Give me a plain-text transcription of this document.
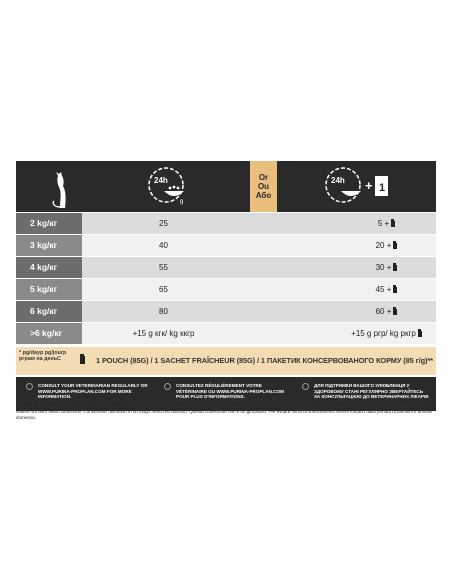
24h
g
Or
Ou
Або
24h + 1
2 kg/кг	25	5 +
3 kg/кг	40	20 +
4 kg/кг	55	30 +
5 kg/кг	65	45 +
6 kg/кг	80	60 +
>6 kg/кг	+15 g кгк/ kg ккгр	+15 g pгр/ kg pкгр
* pg/dayp pg/jourp pграм на деньС	1 POUCH (85G) / 1 SACHET FRAÎCHEUR (85G) / 1 ПАКЕТИК КОНСЕРВОВАНОГО КОРМУ (85 г/g)**
CONSULT YOUR VETERINARIAN REGULARLY OR WWW.PURINA-PROPLAN.COM FOR MORE INFORMATION.
CONSULTEZ RÉGULIÈREMENT VOTRE VÉTÉRINAIRE OU WWW.PURINA-PROPLAN.COM POUR PLUS D'INFORMATIONS.
ДЛЯ ПІДТРИМКИ ВАШОГО УЛЮБЛЕНЦЯ У ЗДОРОВОМУ СТАНІ РЕГУЛЯРНО ЗВЕРТАЙТЕСЬ ЗА КОНСУЛЬТАЦІЄЮ ДО ВЕТЕРИНАРНИХ ЛІКАРІВ
Modalità d'uso: le quantità di cibo, volte a mantenere un'ideale condizione corporea, variano in base all'età del gatto, al livello di attività e all'ambiente. Controlla il peso del tuo gatto e modifica di conseguenza le razioni di cibo. Lasciare sempre a disposizione acqua fresca e pulita. Per la salute del tuo gatto, consulta regolarmente il tuo medico veterinario. Da consumarsi preferibilmente entro/N° di reg. stab./N° lotto: vedere sul retro della confezione. Conservare l'alimento in un luogo fresco ed asciutto. Questa confezione non è un giocattolo. Per evitare rischi di soffocamento tenere lontano dalla portata di bambini e animali domestici.
